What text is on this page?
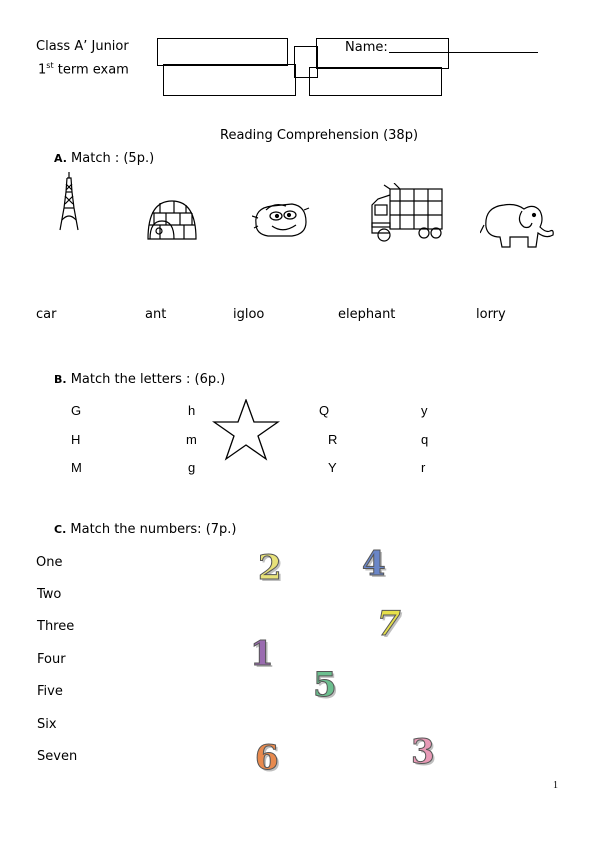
Class A’ Junior
1st term exam
Name:
Reading Comprehension (38p)
A. Match : (5p.)
car	ant	igloo	elephant	lorry
B. Match the letters : (6p.)
G	h	Q	y
H	m	R	q
M	g	Y	r
C. Match the numbers: (7p.)
One
Two
Three
Four
Five
Six
Seven
2 4
7
1
5
6	3
1
